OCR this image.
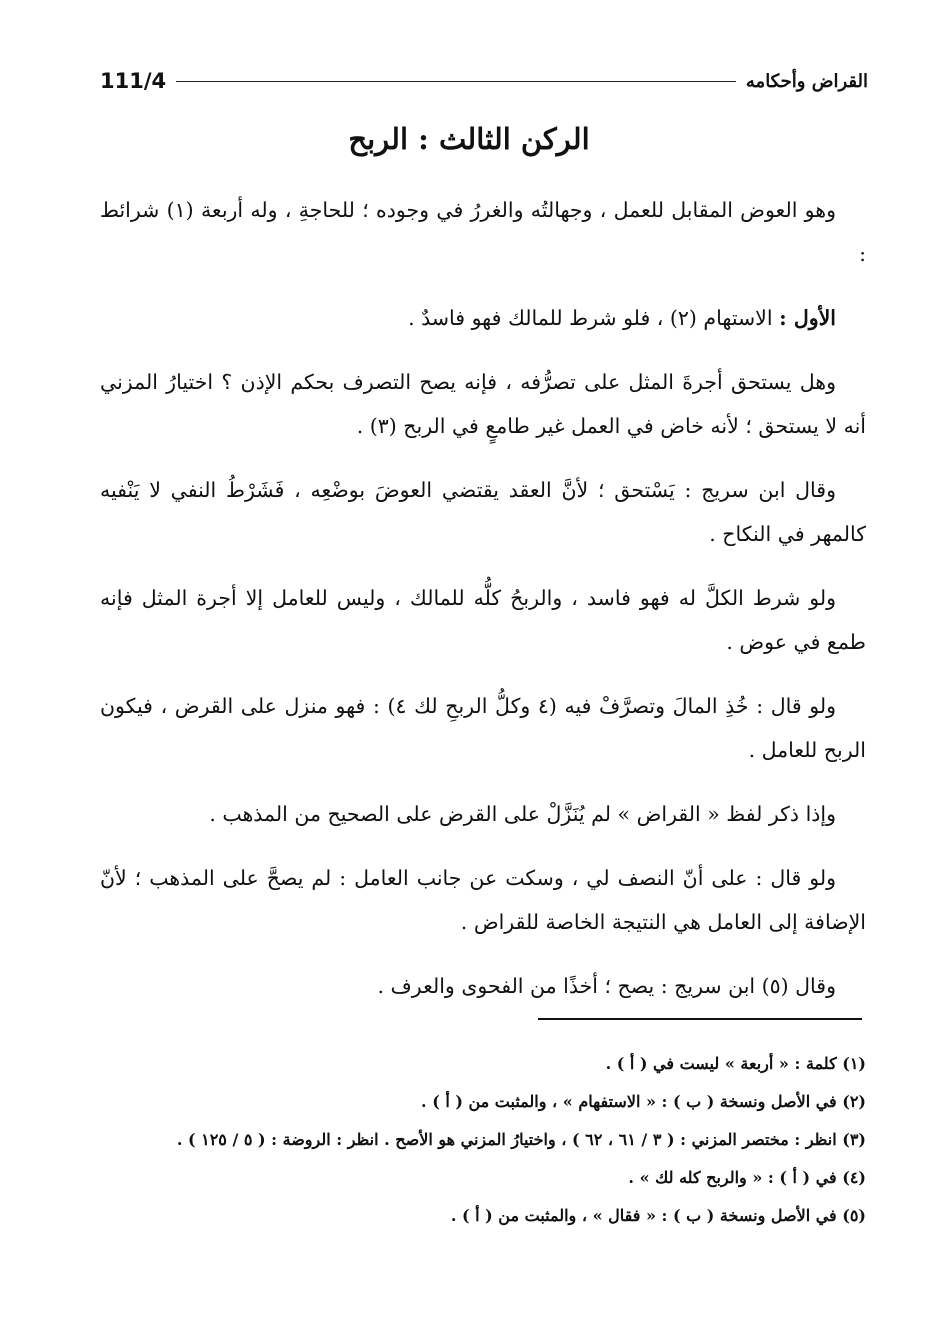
111/4	القراض وأحكامه
الركن الثالث : الربح

وهو العوض المقابل للعمل ، وجهالتُه والغررُ في وجوده ؛ للحاجةِ ، وله أربعة (١) شرائط :

الأول : الاستهام (٢) ، فلو شرط للمالك فهو فاسدٌ .

وهل يستحق أجرةَ المثل على تصرُّفه ، فإنه يصح التصرف بحكم الإذن ؟ اختيارُ المزني أنه لا يستحق ؛ لأنه خاض في العمل غير طامعٍ في الربح (٣) .

وقال ابن سريج : يَسْتحق ؛ لأنَّ العقد يقتضي العوضَ بوضْعِه ، فَشَرْطُ النفي لا يَنْفيه كالمهر في النكاح .

ولو شرط الكلَّ له فهو فاسد ، والربحُ كلُّه للمالك ، وليس للعامل إلا أجرة المثل فإنه طمع في عوض .

ولو قال : خُذِ المالَ وتصرَّفْ فيه (٤ وكلُّ الربحِ لك ٤) : فهو منزل على القرض ، فيكون الربح للعامل .

وإذا ذكر لفظ « القراض » لم يُنَزَّلْ على القرض على الصحيح من المذهب .

ولو قال : على أنّ النصف لي ، وسكت عن جانب العامل : لم يصحَّ على المذهب ؛ لأنّ الإضافة إلى العامل هي النتيجة الخاصة للقراض .

وقال (٥) ابن سريج : يصح ؛ أخذًا من الفحوى والعرف .

(١) كلمة : « أربعة » ليست في ( أ ) .

(٢) في الأصل ونسخة ( ب ) : « الاستفهام » ، والمثبت من ( أ ) .

(٣) انظر : مختصر المزني : ( ٣ / ٦١ ، ٦٢ ) ، واختيارُ المزني هو الأصح . انظر : الروضة : ( ٥ / ١٢٥ ) .

(٤) في ( أ ) : « والربح كله لك » .

(٥) في الأصل ونسخة ( ب ) : « فقال » ، والمثبت من ( أ ) .
